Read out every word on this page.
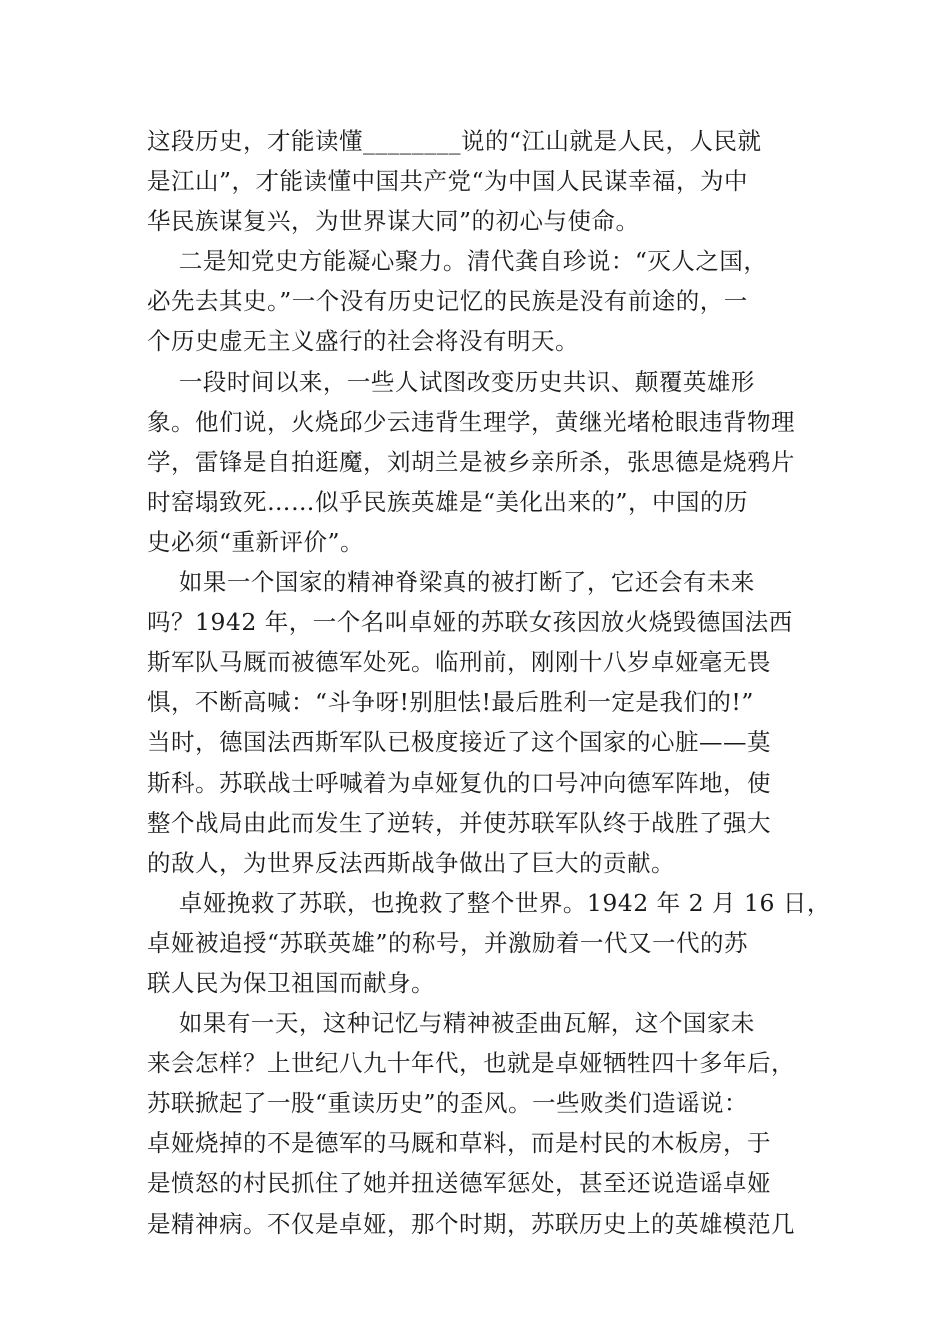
这段历史，才能读懂________说的“江山就是人民，人民就
是江山”，才能读懂中国共产党“为中国人民谋幸福，为中
华民族谋复兴，为世界谋大同”的初心与使命。
二是知党史方能凝心聚力。清代龚自珍说：“灭人之国，
必先去其史。”一个没有历史记忆的民族是没有前途的，一
个历史虚无主义盛行的社会将没有明天。
一段时间以来，一些人试图改变历史共识、颠覆英雄形
象。他们说，火烧邱少云违背生理学，黄继光堵枪眼违背物理
学，雷锋是自拍逛魔，刘胡兰是被乡亲所杀，张思德是烧鸦片
时窑塌致死……似乎民族英雄是“美化出来的”，中国的历
史必须“重新评价”。
如果一个国家的精神脊梁真的被打断了，它还会有未来
吗？1942 年，一个名叫卓娅的苏联女孩因放火烧毁德国法西
斯军队马厩而被德军处死。临刑前，刚刚十八岁卓娅毫无畏
惧，不断高喊：“斗争呀!别胆怯!最后胜利一定是我们的!”
当时，德国法西斯军队已极度接近了这个国家的心脏——莫
斯科。苏联战士呼喊着为卓娅复仇的口号冲向德军阵地，使
整个战局由此而发生了逆转，并使苏联军队终于战胜了强大
的敌人，为世界反法西斯战争做出了巨大的贡献。
卓娅挽救了苏联，也挽救了整个世界。1942 年 2 月 16 日，
卓娅被追授“苏联英雄”的称号，并激励着一代又一代的苏
联人民为保卫祖国而献身。
如果有一天，这种记忆与精神被歪曲瓦解，这个国家未
来会怎样？上世纪八九十年代，也就是卓娅牺牲四十多年后，
苏联掀起了一股“重读历史”的歪风。一些败类们造谣说：
卓娅烧掉的不是德军的马厩和草料，而是村民的木板房，于
是愤怒的村民抓住了她并扭送德军惩处，甚至还说造谣卓娅
是精神病。不仅是卓娅，那个时期，苏联历史上的英雄模范几
